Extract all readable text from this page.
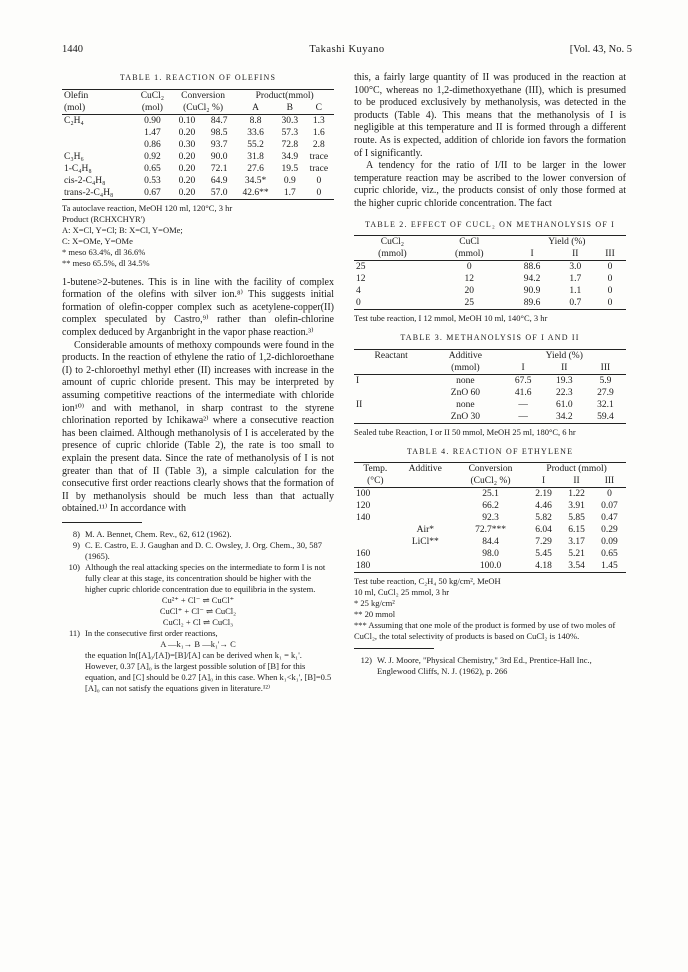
1440	Takashi Kuyano	[Vol. 43, No. 5
TABLE 1. REACTION OF OLEFINS
Olefin	CuCl₂	Conversion		Product(mmol)		
(mol)	(mol)	(CuCl₂ %)		A	B	C
C₂H₄	0.90	0.10	84.7	8.8	30.3	1.3
	1.47	0.20	98.5	33.6	57.3	1.6
	0.86	0.30	93.7	55.2	72.8	2.8
C₃H₆	0.92	0.20	90.0	31.8	34.9	trace
1-C₄H₈	0.65	0.20	72.1	27.6	19.5	trace
cis-2-C₄H₈	0.53	0.20	64.9	34.5*	0.9	0
trans-2-C₄H₈	0.67	0.20	57.0	42.6**	1.7	0
Ta autoclave reaction, MeOH 120 ml, 120°C, 3 hr
Product (RCHXCHYR')
A: X=Cl, Y=Cl; B: X=Cl, Y=OMe;
C: X=OMe, Y=OMe
* meso 63.4%, dl 36.6%
** meso 65.5%, dl 34.5%

1-butene>2-butenes. This is in line with the facility of complex formation of the olefins with silver ion.⁸⁾ This suggests initial formation of olefin-copper complex such as acetylene-copper(II) complex speculated by Castro,⁹⁾ rather than olefin-chlorine complex deduced by Arganbright in the vapor phase reaction.³⁾

Considerable amounts of methoxy compounds were found in the products. In the reaction of ethylene the ratio of 1,2-dichloroethane (I) to 2-chloroethyl methyl ether (II) increases with increase in the amount of cupric chloride present. This may be interpreted by assuming competitive reactions of the intermediate with chloride ion¹⁰⁾ and with methanol, in sharp contrast to the styrene chlorination reported by Ichikawa²⁾ where a consecutive reaction has been claimed. Although methanolysis of I is accelerated by the presence of cupric chloride (Table 2), the rate is too small to explain the present data. Since the rate of methanolysis of I is not greater than that of II (Table 3), a simple calculation for the consecutive first order reactions clearly shows that the formation of II by methanolysis should be much less than that actually obtained.¹¹⁾ In accordance with

8) M. A. Bennet, Chem. Rev., 62, 612 (1962).
9) C. E. Castro, E. J. Gaughan and D. C. Owsley, J. Org. Chem., 30, 587 (1965).
10) Although the real attacking species on the intermediate to form I is not fully clear at this stage, its concentration should be higher with the higher cupric chloride concentration due to equilibria in the system.
Cu²⁺ + Cl⁻ ⇌ CuCl⁺
CuCl⁺ + Cl⁻ ⇌ CuCl₂
CuCl₂ + Cl ⇌ CuCl₃
11) In the consecutive first order reactions,
A —k₁→ B —k₁'→ C
the equation ln([A]₀/[A])=[B]/[A] can be derived when k₁ = k₁'. However, 0.37 [A]₀ is the largest possible solution of [B] for this equation, and [C] should be 0.27 [A]₀ in this case. When k₁<k₁', [B]=0.5 [A]₀ can not satisfy the equations given in literature.¹²⁾

this, a fairly large quantity of II was produced in the reaction at 100°C, whereas no 1,2-dimethoxyethane (III), which is presumed to be produced exclusively by methanolysis, was detected in the products (Table 4). This means that the methanolysis of I is negligible at this temperature and II is formed through a different route. As is expected, addition of chloride ion favors the formation of I significantly.

A tendency for the ratio of I/II to be larger in the lower temperature reaction may be ascribed to the lower conversion of cupric chloride, viz., the products consist of only those formed at the higher cupric chloride concentration. The fact

TABLE 2. EFFECT OF CUCL₂ ON METHANOLYSIS OF I
CuCl₂	CuCl	Yield (%)		
(mmol)	(mmol)	I	II	III
25	0	88.6	3.0	0
12	12	94.2	1.7	0
4	20	90.9	1.1	0
0	25	89.6	0.7	0
Test tube reaction, I 12 mmol, MeOH 10 ml, 140°C, 3 hr
TABLE 3. METHANOLYSIS OF I AND II
Reactant	Additive	Yield (%)		
	(mmol)	I	II	III
I	none	67.5	19.3	5.9
	ZnO 60	41.6	22.3	27.9
II	none	—	61.0	32.1
	ZnO 30	—	34.2	59.4
Sealed tube Reaction, I or II 50 mmol, MeOH 25 ml, 180°C, 6 hr
TABLE 4. REACTION OF ETHYLENE
Temp.	Additive	Conversion	Product (mmol)		
(°C)		(CuCl₂ %)	I	II	III
100		25.1	2.19	1.22	0
120		66.2	4.46	3.91	0.07
140		92.3	5.82	5.85	0.47
	Air*	72.7***	6.04	6.15	0.29
	LiCl**	84.4	7.29	3.17	0.09
160		98.0	5.45	5.21	0.65
180		100.0	4.18	3.54	1.45
Test tube reaction, C₂H₄ 50 kg/cm², MeOH
10 ml, CuCl₂ 25 mmol, 3 hr
* 25 kg/cm²
** 20 mmol
*** Assuming that one mole of the product is formed by use of two moles of CuCl₂, the total selectivity of products is based on CuCl₂ is 140%.
12) W. J. Moore, "Physical Chemistry," 3rd Ed., Prentice-Hall Inc., Englewood Cliffs, N. J. (1962), p. 266
